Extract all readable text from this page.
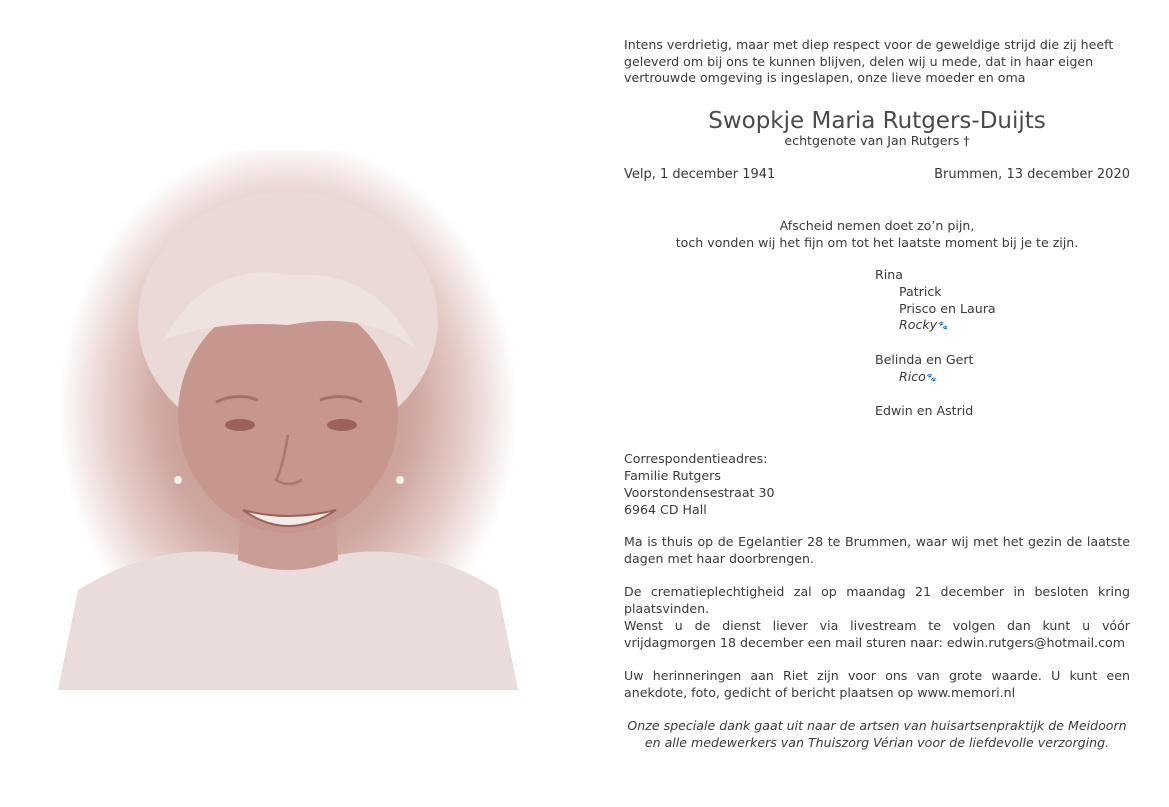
Intens verdrietig, maar met diep respect voor de geweldige strijd die zij heeft geleverd om bij ons te kunnen blijven, delen wij u mede, dat in haar eigen vertrouwde omgeving is ingeslapen, onze lieve moeder en oma
Swopkje Maria Rutgers-Duijts
echtgenote van Jan Rutgers †
Velp, 1 december 1941	Brummen, 13 december 2020
Afscheid nemen doet zo’n pijn,
toch vonden wij het fijn om tot het laatste moment bij je te zijn.
Rina
Patrick
Prisco en Laura
Rocky🐾
Belinda en Gert
Rico🐾
Edwin en Astrid
Correspondentieadres:
Familie Rutgers
Voorstondensestraat 30
6964 CD Hall
Ma is thuis op de Egelantier 28 te Brummen, waar wij met het gezin de laatste dagen met haar doorbrengen.
De crematieplechtigheid zal op maandag 21 december in besloten kring plaatsvinden.
Wenst u de dienst liever via livestream te volgen dan kunt u vóór vrijdagmorgen 18 december een mail sturen naar: edwin.rutgers@hotmail.com
Uw herinneringen aan Riet zijn voor ons van grote waarde. U kunt een anekdote, foto, gedicht of bericht plaatsen op www.memori.nl
Onze speciale dank gaat uit naar de artsen van huisartsenpraktijk de Meidoorn en alle medewerkers van Thuiszorg Vérian voor de liefdevolle verzorging.
